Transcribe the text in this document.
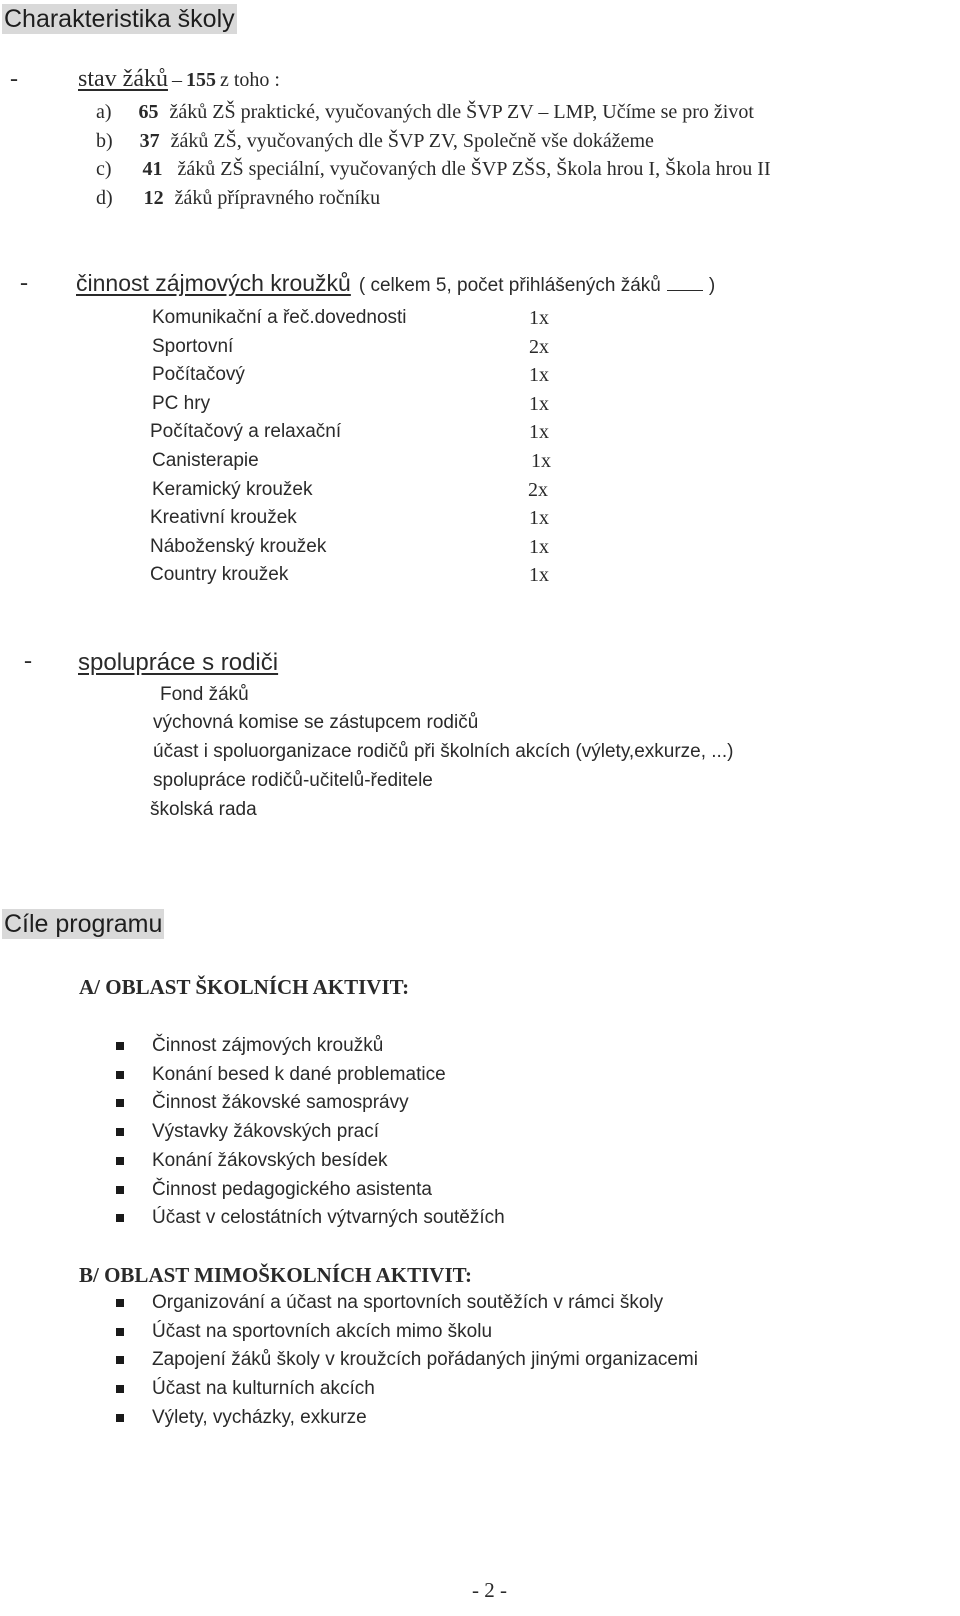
Charakteristika školy
-	stav žáků – 155 z toho :
a) 65 žáků ZŠ praktické, vyučovaných dle ŠVP ZV – LMP, Učíme se pro život
b) 37 žáků ZŠ, vyučovaných dle ŠVP ZV, Společně vše dokážeme
c) 41 žáků ZŠ speciální, vyučovaných dle ŠVP ZŠS, Škola hrou I, Škola hrou II
d) 12 žáků přípravného ročníku
- činnost zájmových kroužků ( celkem 5, počet přihlášených žáků	)
Komunikační a řeč.dovednosti	1x
Sportovní	2x
Počítačový	1x
PC hry	1x
Počítačový a relaxační	1x
Canisterapie	1x
Keramický kroužek	2x
Kreativní kroužek	1x
Náboženský kroužek	1x
Country kroužek	1x
- spolupráce s rodiči
Fond žáků
výchovná komise se zástupcem rodičů
účast i spoluorganizace rodičů při školních akcích (výlety,exkurze, ...)
spolupráce rodičů-učitelů-ředitele
školská rada
Cíle programu
A/ OBLAST ŠKOLNÍCH AKTIVIT:
Činnost zájmových kroužků
Konání besed k dané problematice
Činnost žákovské samosprávy
Výstavky žákovských prací
Konání žákovských besídek
Činnost pedagogického asistenta
Účast v celostátních výtvarných soutěžích
B/ OBLAST MIMOŠKOLNÍCH AKTIVIT:
Organizování a účast na sportovních soutěžích v rámci školy
Účast na sportovních akcích mimo školu
Zapojení žáků školy v kroužcích pořádaných jinými organizacemi
Účast na kulturních akcích
Výlety, vycházky, exkurze
- 2 -
